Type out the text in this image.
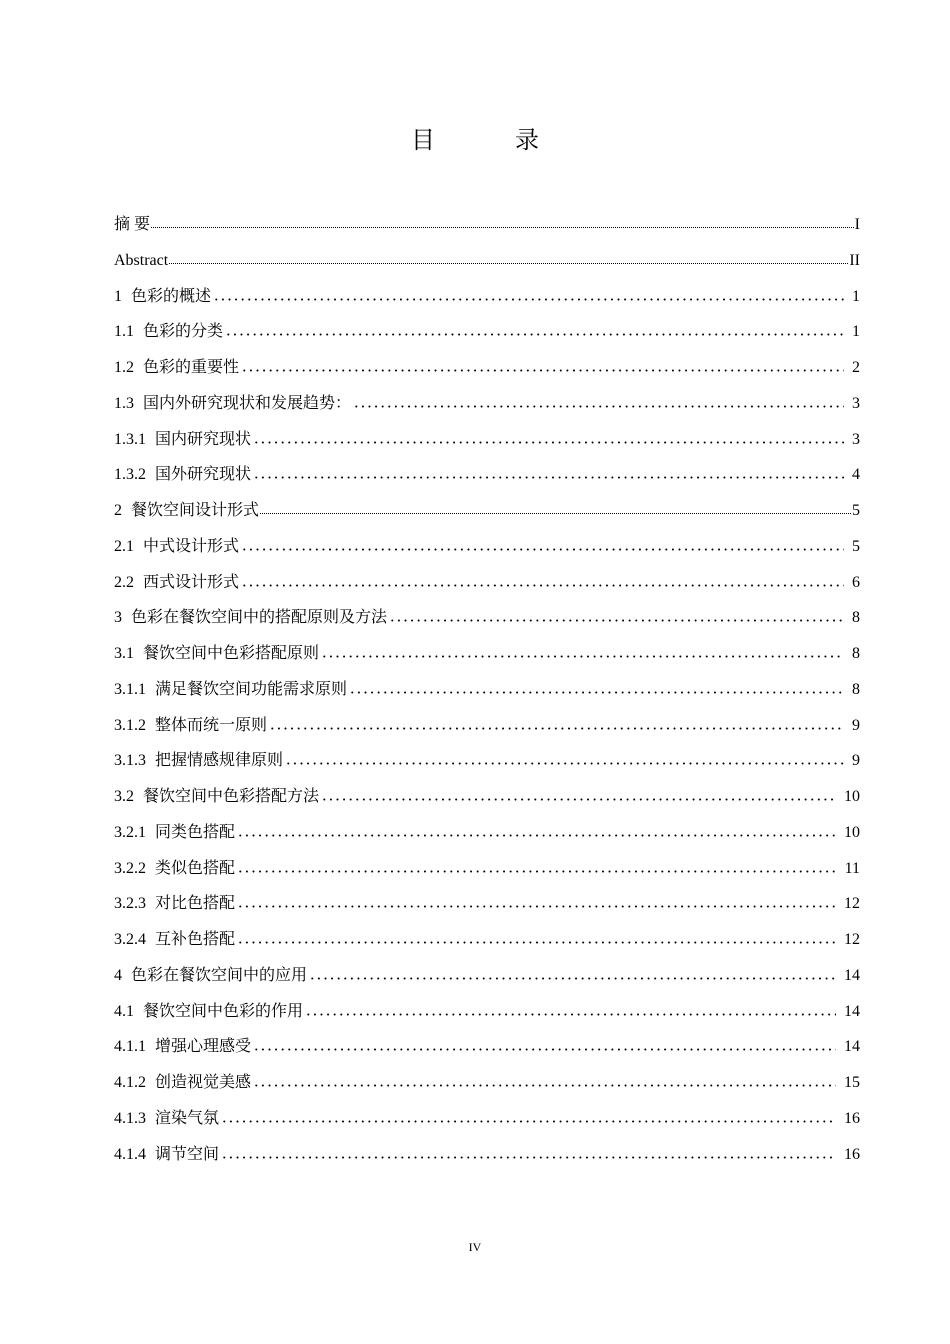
目　录
摘 要	I
Abstract	II
1 色彩的概述	1
1.1 色彩的分类	1
1.2 色彩的重要性	2
1.3 国内外研究现状和发展趋势：	3
1.3.1 国内研究现状	3
1.3.2 国外研究现状	4
2 餐饮空间设计形式	5
2.1 中式设计形式	5
2.2 西式设计形式	6
3 色彩在餐饮空间中的搭配原则及方法	8
3.1 餐饮空间中色彩搭配原则	8
3.1.1 满足餐饮空间功能需求原则	8
3.1.2 整体而统一原则	9
3.1.3 把握情感规律原则	9
3.2 餐饮空间中色彩搭配方法	10
3.2.1 同类色搭配	10
3.2.2 类似色搭配	11
3.2.3 对比色搭配	12
3.2.4 互补色搭配	12
4 色彩在餐饮空间中的应用	14
4.1 餐饮空间中色彩的作用	14
4.1.1 增强心理感受	14
4.1.2 创造视觉美感	15
4.1.3 渲染气氛	16
4.1.4 调节空间	16
IV
